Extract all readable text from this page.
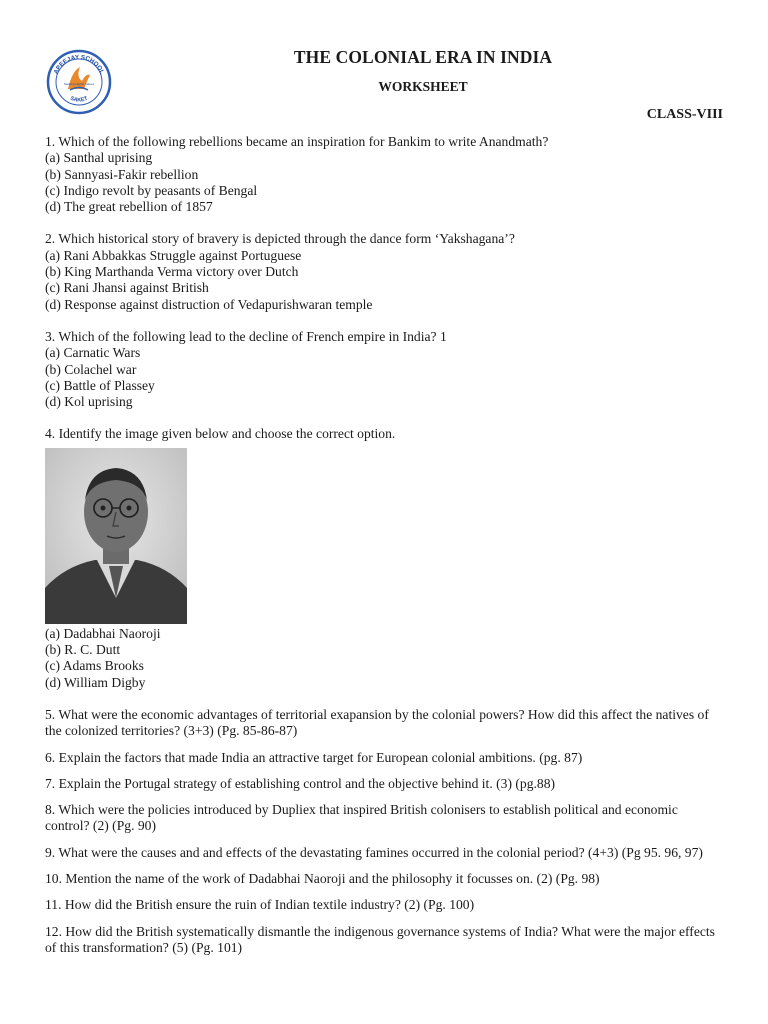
APEEJAY SCHOOL
SAKET
Seeking Higher Values
THE COLONIAL ERA IN INDIA
WORKSHEET
CLASS-VIII
1. Which of the following rebellions became an inspiration for Bankim to write Anandmath?
(a) Santhal uprising
(b) Sannyasi-Fakir rebellion
(c) Indigo revolt by peasants of Bengal
(d) The great rebellion of 1857
2. Which historical story of bravery is depicted through the dance form ‘Yakshagana’?
(a) Rani Abbakkas Struggle against Portuguese
(b) King Marthanda Verma victory over Dutch
(c) Rani Jhansi against British
(d) Response against distruction of Vedapurishwaran temple
3. Which of the following lead to the decline of French empire in India? 1
(a) Carnatic Wars
(b) Colachel war
(c) Battle of Plassey
(d) Kol uprising
4. Identify the image given below and choose the correct option.
(a) Dadabhai Naoroji
(b) R. C. Dutt
(c) Adams Brooks
(d) William Digby
5. What were the economic advantages of territorial exapansion by the colonial powers? How did this affect the natives of the colonized territories? (3+3) (Pg. 85-86-87)
6. Explain the factors that made India an attractive target for European colonial ambitions. (pg. 87)
7. Explain the Portugal strategy of establishing control and the objective behind it. (3) (pg.88)
8. Which were the policies introduced by Dupliex that inspired British colonisers to establish political and economic control? (2) (Pg. 90)
9. What were the causes and and effects of the devastating famines occurred in the colonial period? (4+3) (Pg 95. 96, 97)
10. Mention the name of the work of Dadabhai Naoroji and the philosophy it focusses on. (2) (Pg. 98)
11. How did the British ensure the ruin of Indian textile industry? (2) (Pg. 100)
12. How did the British systematically dismantle the indigenous governance systems of India? What were the major effects of this transformation? (5) (Pg. 101)
